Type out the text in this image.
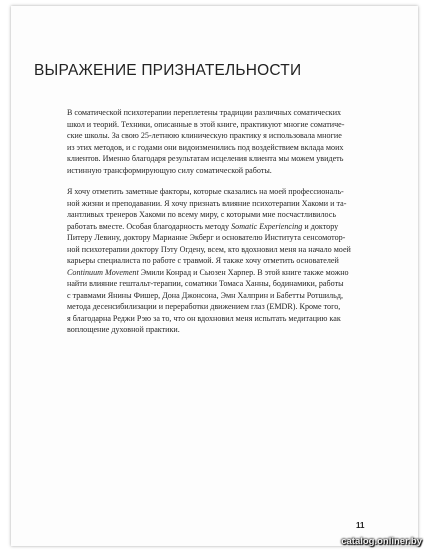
ВЫРАЖЕНИЕ ПРИЗНАТЕЛЬНОСТИ

В соматической психотерапии переплетены традиции различных соматических
школ и теорий. Техники, описанные в этой книге, практикуют многие соматиче-
ские школы. За свою 25-летнюю клиническую практику я использовала многие
из этих методов, и с годами они видоизменились под воздействием вклада моих
клиентов. Именно благодаря результатам исцеления клиента мы можем увидеть
истинную трансформирующую силу соматической работы.

Я хочу отметить заметные факторы, которые сказались на моей профессиональ-
ной жизни и преподавании. Я хочу признать влияние психотерапии Хакоми и та-
лантливых тренеров Хакоми по всему миру, с которыми мне посчастливилось
работать вместе. Особая благодарность методу Somatic Experiencing и доктору
Питеру Левину, доктору Марианне Экберг и основателю Института сенсомотор-
ной психотерапии доктору Пэту Огдену, всем, кто вдохновил меня на начало моей
карьеры специалиста по работе с травмой. Я также хочу отметить основателей
Continuum Movement Эмили Конрад и Сьюзен Харпер. В этой книге также можно
найти влияние гештальт-терапии, соматики Томаса Ханны, бодинамики, работы
с травмами Янины Фишер, Дона Джонсона, Эмн Халприн и Бабетты Ротшильд,
метода десенсибилизации и переработки движением глаз (EMDR). Кроме того,
я благодарна Реджи Рэю за то, что он вдохновил меня испытать медитацию как
воплощение духовной практики.

11
catalog.onliner.by
